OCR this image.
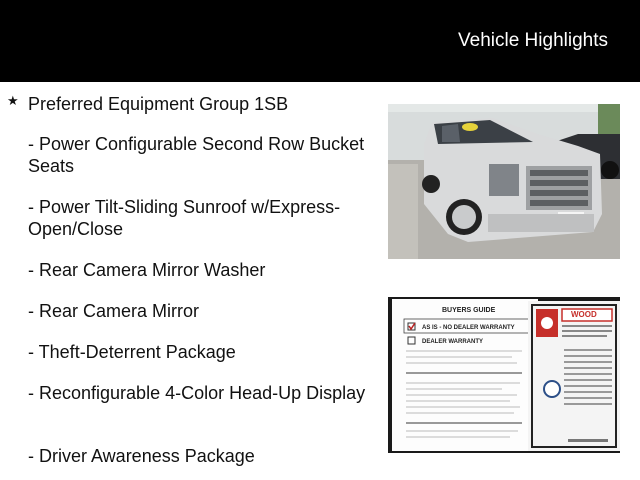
Vehicle Highlights
★ Preferred Equipment Group 1SB
- Power Configurable Second Row Bucket Seats
- Power Tilt-Sliding Sunroof w/Express-Open/Close
- Rear Camera Mirror Washer
- Rear Camera Mirror
- Theft-Deterrent Package
- Reconfigurable 4-Color Head-Up Display
- Driver Awareness Package
BUYERS GUIDE
AS IS - NO DEALER WARRANTY
DEALER WARRANTY
WOOD
